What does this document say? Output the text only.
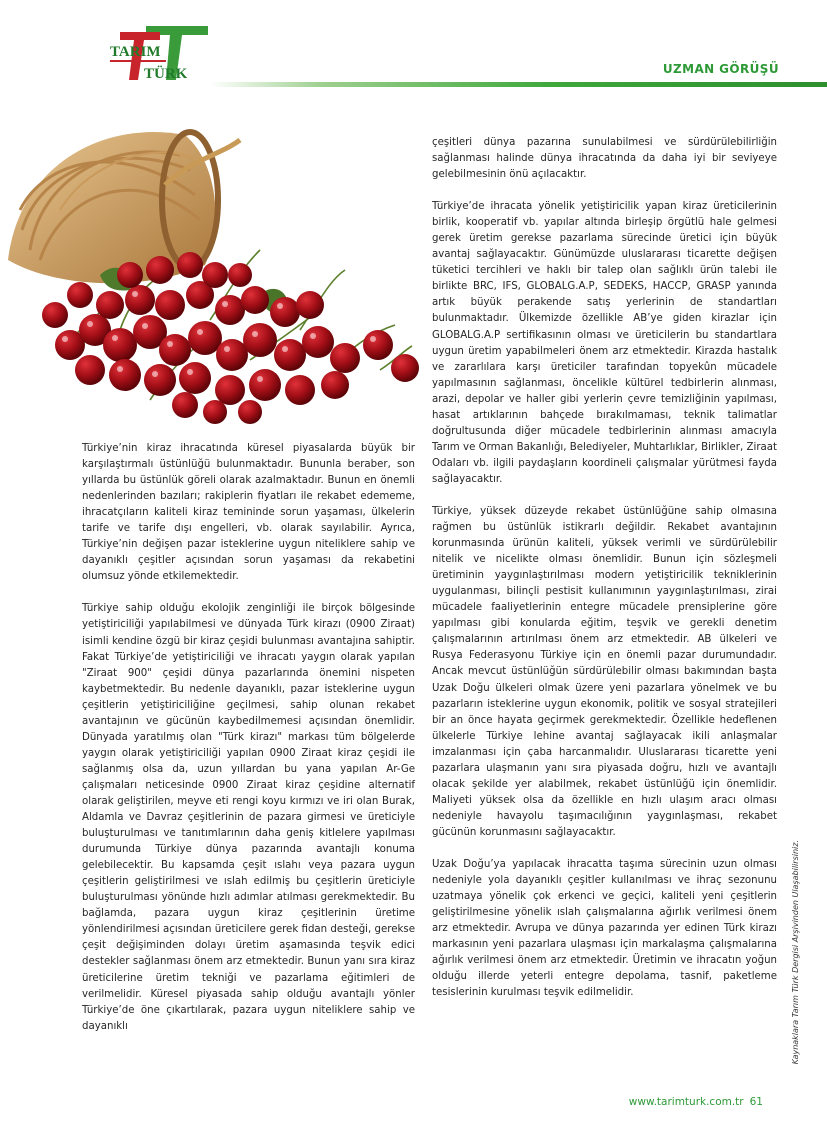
TARIM
TÜRK	UZMAN GÖRÜŞÜ

Türkiye’nin kiraz ihracatında küresel piyasalarda büyük bir karşılaştırmalı üstünlüğü bulunmaktadır. Bununla beraber, son yıllarda bu üstünlük göreli olarak azalmaktadır. Bunun en önemli nedenlerinden bazıları; rakiplerin fiyatları ile rekabet edememe, ihracatçıların kaliteli kiraz temininde sorun yaşaması, ülkelerin tarife ve tarife dışı engelleri, vb. olarak sayılabilir. Ayrıca, Türkiye’nin değişen pazar isteklerine uygun niteliklere sahip ve dayanıklı çeşitler açısından sorun yaşaması da rekabetini olumsuz yönde etkilemektedir.

Türkiye sahip olduğu ekolojik zenginliği ile birçok bölgesinde yetiştiriciliği yapılabilmesi ve dünyada Türk kirazı (0900 Ziraat) isimli kendine özgü bir kiraz çeşidi bulunması avantajına sahiptir. Fakat Türkiye’de yetiştiriciliği ve ihracatı yaygın olarak yapılan "Ziraat 900" çeşidi dünya pazarlarında önemini nispeten kaybetmektedir. Bu nedenle dayanıklı, pazar isteklerine uygun çeşitlerin yetiştiriciliğine geçilmesi, sahip olunan rekabet avantajının ve gücünün kaybedilmemesi açısından önemlidir. Dünyada yaratılmış olan "Türk kirazı" markası tüm bölgelerde yaygın olarak yetiştiriciliği yapılan 0900 Ziraat kiraz çeşidi ile sağlanmış olsa da, uzun yıllardan bu yana yapılan Ar-Ge çalışmaları neticesinde 0900 Ziraat kiraz çeşidine alternatif olarak geliştirilen, meyve eti rengi koyu kırmızı ve iri olan Burak, Aldamla ve Davraz çeşitlerinin de pazara girmesi ve üreticiyle buluşturulması ve tanıtımlarının daha geniş kitlelere yapılması durumunda Türkiye dünya pazarında avantajlı konuma gelebilecektir. Bu kapsamda çeşit ıslahı veya pazara uygun çeşitlerin geliştirilmesi ve ıslah edilmiş bu çeşitlerin üreticiyle buluşturulması yönünde hızlı adımlar atılması gerekmektedir. Bu bağlamda, pazara uygun kiraz çeşitlerinin üretime yönlendirilmesi açısından üreticilere gerek fidan desteği, gerekse çeşit değişiminden dolayı üretim aşamasında teşvik edici destekler sağlanması önem arz etmektedir. Bunun yanı sıra kiraz üreticilerine üretim tekniği ve pazarlama eğitimleri de verilmelidir. Küresel piyasada sahip olduğu avantajlı yönler Türkiye’de öne çıkartılarak, pazara uygun niteliklere sahip ve dayanıklı

çeşitleri dünya pazarına sunulabilmesi ve sürdürülebilirliğin sağlanması halinde dünya ihracatında da daha iyi bir seviyeye gelebilmesinin önü açılacaktır.

Türkiye’de ihracata yönelik yetiştiricilik yapan kiraz üreticilerinin birlik, kooperatif vb. yapılar altında birleşip örgütlü hale gelmesi gerek üretim gerekse pazarlama sürecinde üretici için büyük avantaj sağlayacaktır. Günümüzde uluslararası ticarette değişen tüketici tercihleri ve haklı bir talep olan sağlıklı ürün talebi ile birlikte BRC, IFS, GLOBALG.A.P, SEDEKS, HACCP, GRASP yanında artık büyük perakende satış yerlerinin de standartları bulunmaktadır. Ülkemizde özellikle AB’ye giden kirazlar için GLOBALG.A.P sertifikasının olması ve üreticilerin bu standartlara uygun üretim yapabilmeleri önem arz etmektedir. Kirazda hastalık ve zararlılara karşı üreticiler tarafından topyekûn mücadele yapılmasının sağlanması, öncelikle kültürel tedbirlerin alınması, arazi, depolar ve haller gibi yerlerin çevre temizliğinin yapılması, hasat artıklarının bahçede bırakılmaması, teknik talimatlar doğrultusunda diğer mücadele tedbirlerinin alınması amacıyla Tarım ve Orman Bakanlığı, Belediyeler, Muhtarlıklar, Birlikler, Ziraat Odaları vb. ilgili paydaşların koordineli çalışmalar yürütmesi fayda sağlayacaktır.

Türkiye, yüksek düzeyde rekabet üstünlüğüne sahip olmasına rağmen bu üstünlük istikrarlı değildir. Rekabet avantajının korunmasında ürünün kaliteli, yüksek verimli ve sürdürülebilir nitelik ve nicelikte olması önemlidir. Bunun için sözleşmeli üretiminin yaygınlaştırılması modern yetiştiricilik tekniklerinin uygulanması, bilinçli pestisit kullanımının yaygınlaştırılması, zirai mücadele faaliyetlerinin entegre mücadele prensiplerine göre yapılması gibi konularda eğitim, teşvik ve gerekli denetim çalışmalarının artırılması önem arz etmektedir. AB ülkeleri ve Rusya Federasyonu Türkiye için en önemli pazar durumundadır. Ancak mevcut üstünlüğün sürdürülebilir olması bakımından başta Uzak Doğu ülkeleri olmak üzere yeni pazarlara yönelmek ve bu pazarların isteklerine uygun ekonomik, politik ve sosyal stratejileri bir an önce hayata geçirmek gerekmektedir. Özellikle hedeflenen ülkelerle Türkiye lehine avantaj sağlayacak ikili anlaşmalar imzalanması için çaba harcanmalıdır. Uluslararası ticarette yeni pazarlara ulaşmanın yanı sıra piyasada doğru, hızlı ve avantajlı olacak şekilde yer alabilmek, rekabet üstünlüğü için önemlidir. Maliyeti yüksek olsa da özellikle en hızlı ulaşım aracı olması nedeniyle havayolu taşımacılığının yaygınlaşması, rekabet gücünün korunmasını sağlayacaktır.

Uzak Doğu’ya yapılacak ihracatta taşıma sürecinin uzun olması nedeniyle yola dayanıklı çeşitler kullanılması ve ihraç sezonunu uzatmaya yönelik çok erkenci ve geçici, kaliteli yeni çeşitlerin geliştirilmesine yönelik ıslah çalışmalarına ağırlık verilmesi önem arz etmektedir. Avrupa ve dünya pazarında yer edinen Türk kirazı markasının yeni pazarlara ulaşması için markalaşma çalışmalarına ağırlık verilmesi önem arz etmektedir. Üretimin ve ihracatın yoğun olduğu illerde yeterli entegre depolama, tasnif, paketleme tesislerinin kurulması teşvik edilmelidir.	Kaynaklara Tarım Türk Dergisi Arşivinden Ulaşabilirsiniz.
www.tarimturk.com.tr 61
